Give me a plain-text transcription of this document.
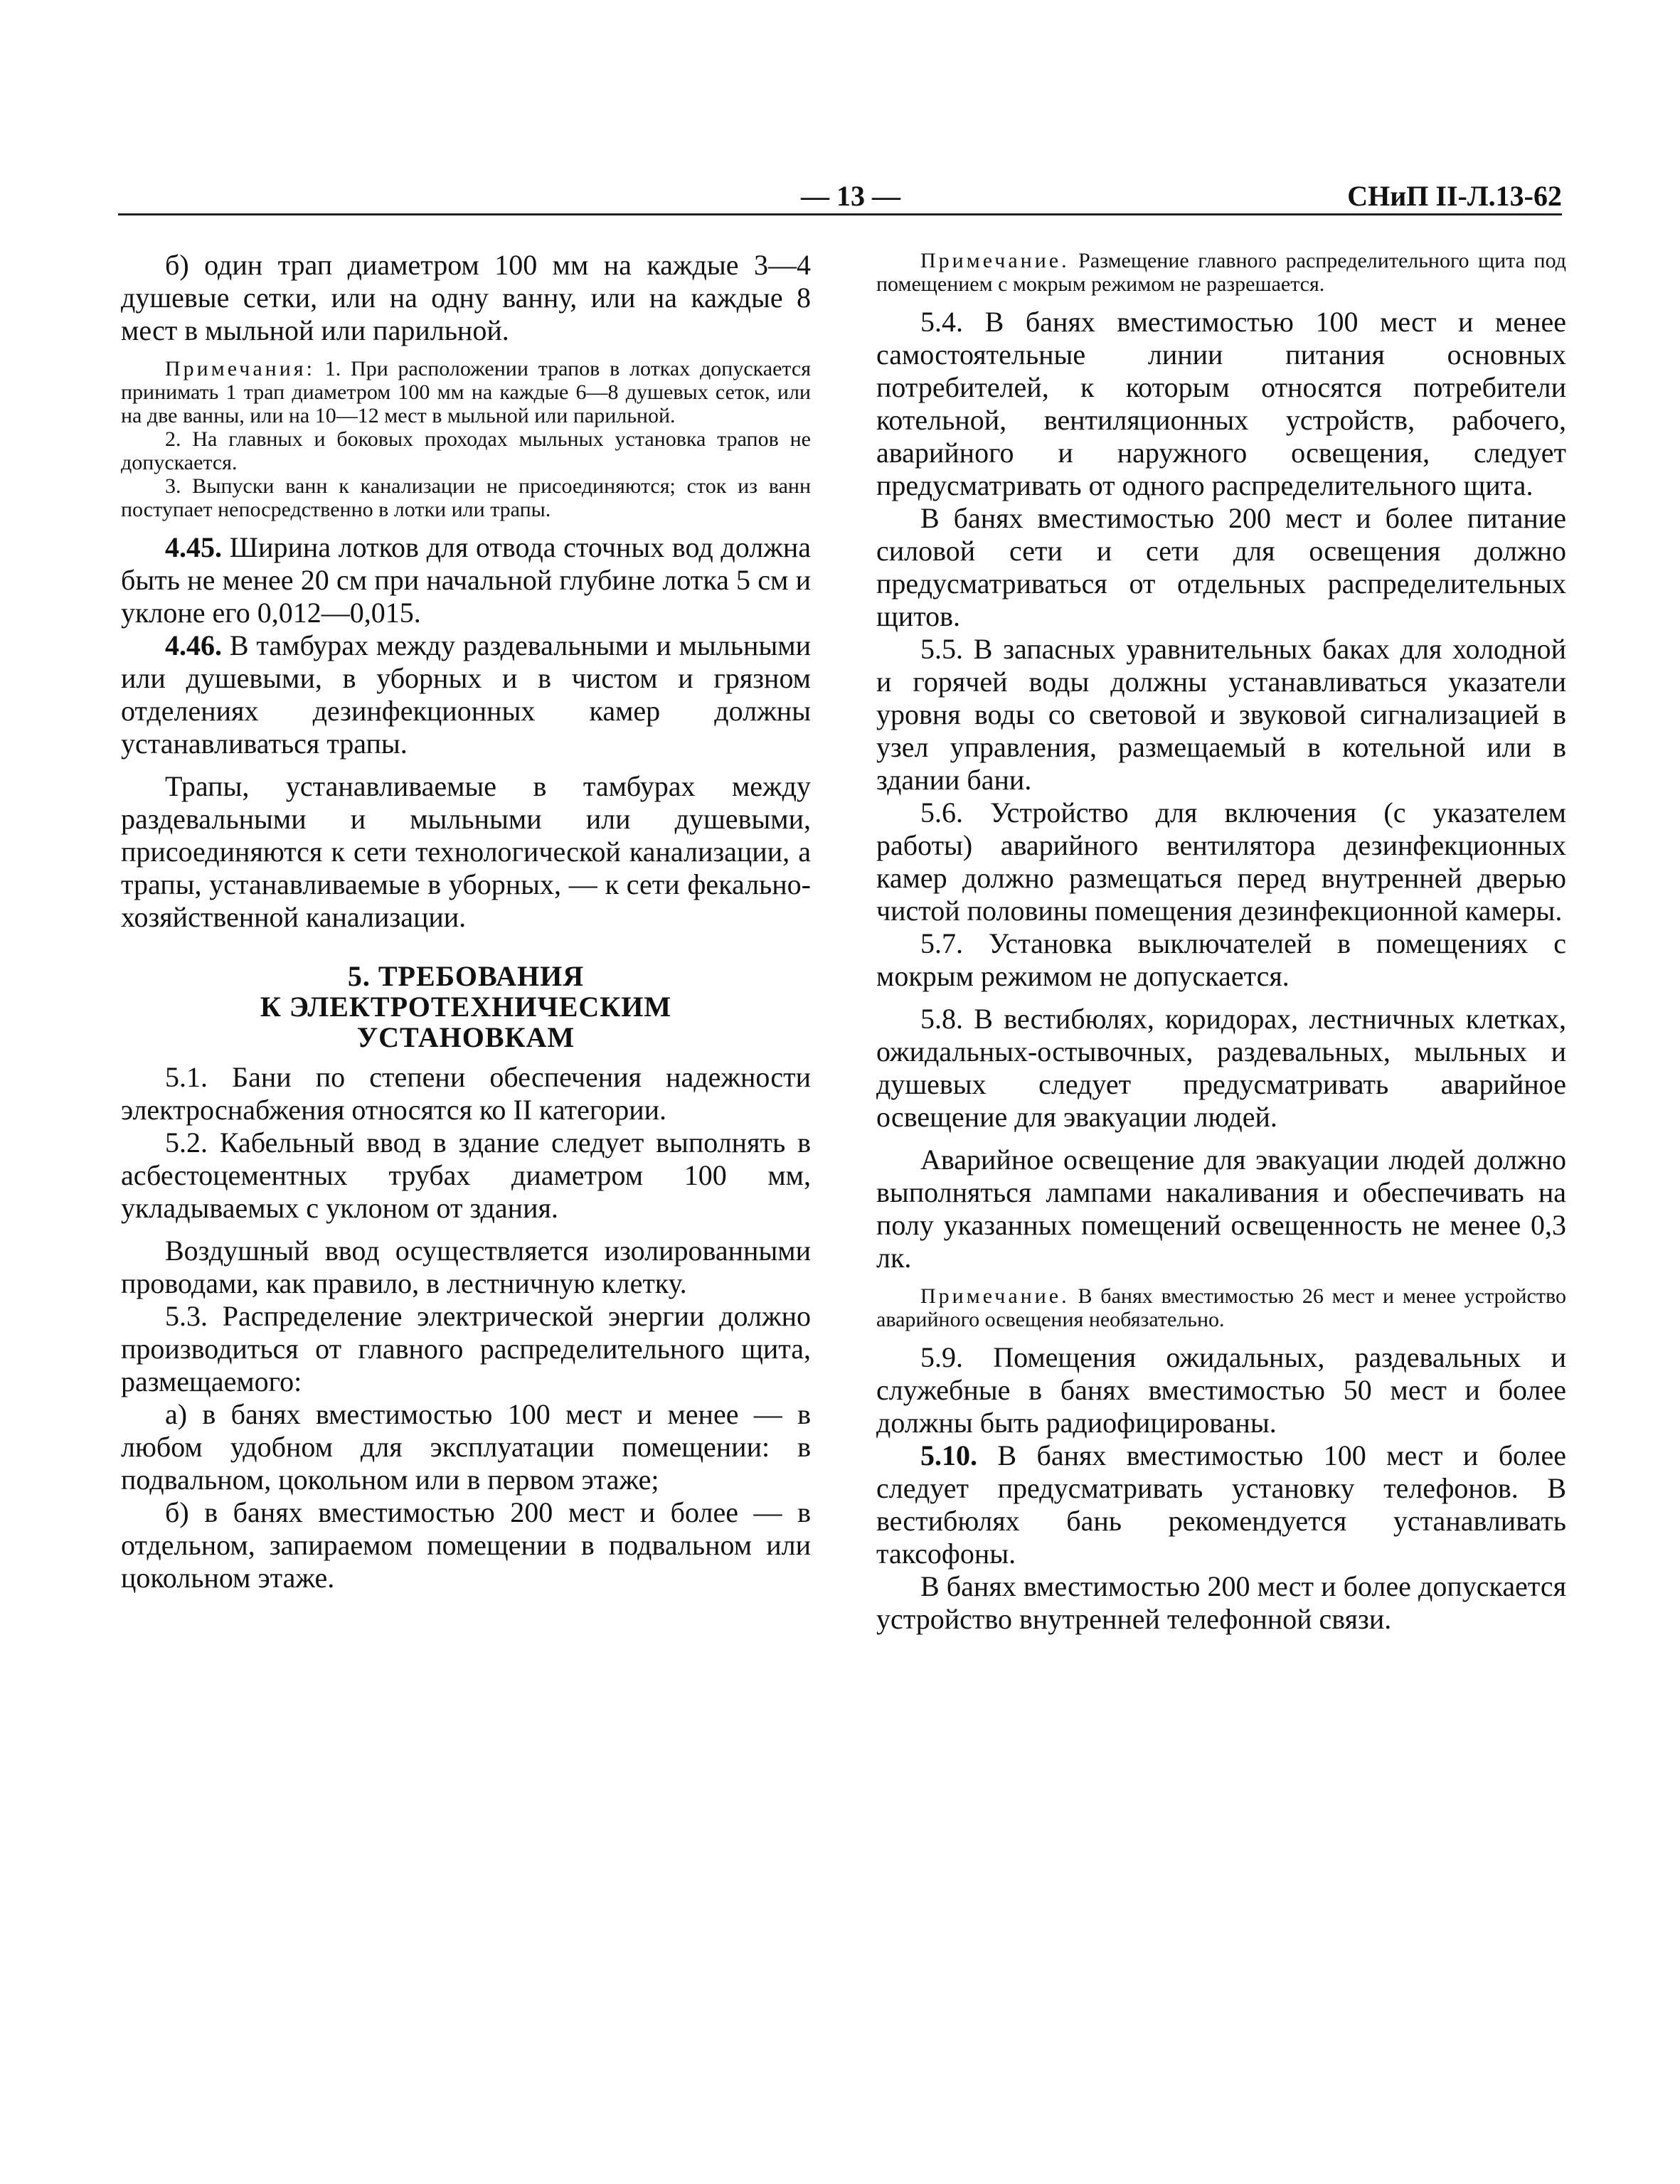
— 13 —	СНиП II-Л.13-62

б) один трап диаметром 100 мм на каждые 3—4 душевые сетки, или на одну ванну, или на каждые 8 мест в мыльной или парильной.

Примечания: 1. При расположении трапов в лотках допускается принимать 1 трап диаметром 100 мм на каждые 6—8 душевых сеток, или на две ванны, или на 10—12 мест в мыльной или парильной.

2. На главных и боковых проходах мыльных установка трапов не допускается.

3. Выпуски ванн к канализации не присоединяются; сток из ванн поступает непосредственно в лотки или трапы.

4.45. Ширина лотков для отвода сточных вод должна быть не менее 20 см при начальной глубине лотка 5 см и уклоне его 0,012—0,015.

4.46. В тамбурах между раздевальными и мыльными или душевыми, в уборных и в чистом и грязном отделениях дезинфекционных камер должны устанавливаться трапы.

Трапы, устанавливаемые в тамбурах между раздевальными и мыльными или душевыми, присоединяются к сети технологической канализации, а трапы, устанавливаемые в уборных, — к сети фекально-хозяйственной канализации.

5. ТРЕБОВАНИЯ
К ЭЛЕКТРОТЕХНИЧЕСКИМ
УСТАНОВКАМ

5.1. Бани по степени обеспечения надежности электроснабжения относятся ко II категории.

5.2. Кабельный ввод в здание следует выполнять в асбестоцементных трубах диаметром 100 мм, укладываемых с уклоном от здания.

Воздушный ввод осуществляется изолированными проводами, как правило, в лестничную клетку.

5.3. Распределение электрической энергии должно производиться от главного распределительного щита, размещаемого:

а) в банях вместимостью 100 мест и менее — в любом удобном для эксплуатации помещении: в подвальном, цокольном или в первом этаже;

б) в банях вместимостью 200 мест и более — в отдельном, запираемом помещении в подвальном или цокольном этаже.

Примечание. Размещение главного распределительного щита под помещением с мокрым режимом не разрешается.

5.4. В банях вместимостью 100 мест и менее самостоятельные линии питания основных потребителей, к которым относятся потребители котельной, вентиляционных устройств, рабочего, аварийного и наружного освещения, следует предусматривать от одного распределительного щита.

В банях вместимостью 200 мест и более питание силовой сети и сети для освещения должно предусматриваться от отдельных распределительных щитов.

5.5. В запасных уравнительных баках для холодной и горячей воды должны устанавливаться указатели уровня воды со световой и звуковой сигнализацией в узел управления, размещаемый в котельной или в здании бани.

5.6. Устройство для включения (с указателем работы) аварийного вентилятора дезинфекционных камер должно размещаться перед внутренней дверью чистой половины помещения дезинфекционной камеры.

5.7. Установка выключателей в помещениях с мокрым режимом не допускается.

5.8. В вестибюлях, коридорах, лестничных клетках, ожидальных-остывочных, раздевальных, мыльных и душевых следует предусматривать аварийное освещение для эвакуации людей.

Аварийное освещение для эвакуации людей должно выполняться лампами накаливания и обеспечивать на полу указанных помещений освещенность не менее 0,3 лк.

Примечание. В банях вместимостью 26 мест и менее устройство аварийного освещения необязательно.

5.9. Помещения ожидальных, раздевальных и служебные в банях вместимостью 50 мест и более должны быть радиофицированы.

5.10. В банях вместимостью 100 мест и более следует предусматривать установку телефонов. В вестибюлях бань рекомендуется устанавливать таксофоны.

В банях вместимостью 200 мест и более допускается устройство внутренней телефонной связи.
